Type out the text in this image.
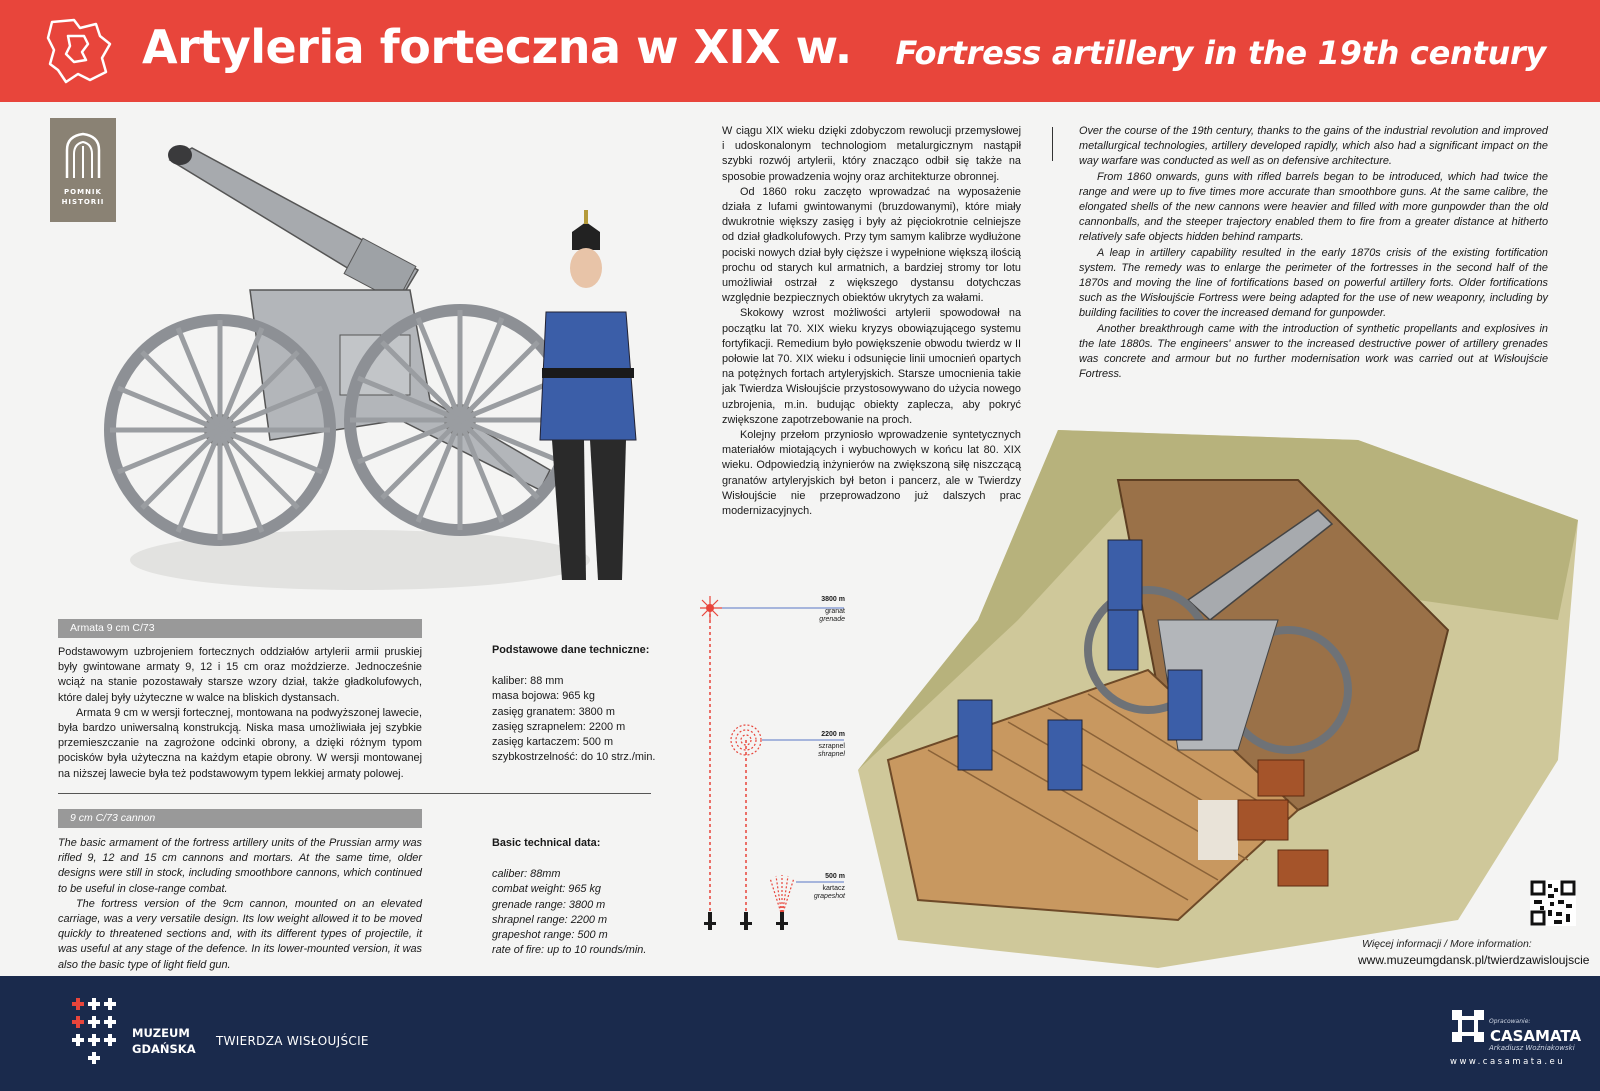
Artyleria forteczna w XIX w. Fortress artillery in the 19th century
POMNIK
HISTORII

W ciągu XIX wieku dzięki zdobyczom rewolucji przemysłowej i udoskonalonym technologiom metalurgicznym nastąpił szybki rozwój artylerii, który znacząco odbił się także na sposobie prowadzenia wojny oraz architekturze obronnej.

Od 1860 roku zaczęto wprowadzać na wyposażenie działa z lufami gwintowanymi (bruzdowanymi), które miały dwukrotnie większy zasięg i były aż pięciokrotnie celniejsze od dział gładkolufowych. Przy tym samym kalibrze wydłużone pociski nowych dział były cięższe i wypełnione większą ilością prochu od starych kul armatnich, a bardziej stromy tor lotu umożliwiał ostrzał z większego dystansu dotychczas względnie bezpiecznych obiektów ukrytych za wałami.

Skokowy wzrost możliwości artylerii spowodował na początku lat 70. XIX wieku kryzys obowiązującego systemu fortyfikacji. Remedium było powiększenie obwodu twierdz w II połowie lat 70. XIX wieku i odsunięcie linii umocnień opartych na potężnych fortach artyleryjskich. Starsze umocnienia takie jak Twierdza Wisłoujście przystosowywano do użycia nowego uzbrojenia, m.in. budując obiekty zaplecza, aby pokryć zwiększone zapotrzebowanie na proch.

Kolejny przełom przyniosło wprowadzenie syntetycznych materiałów miotających i wybuchowych w końcu lat 80. XIX wieku. Odpowiedzią inżynierów na zwiększoną siłę niszczącą granatów artyleryjskich był beton i pancerz, ale w Twierdzy Wisłoujście nie przeprowadzono już dalszych prac modernizacyjnych.

Over the course of the 19th century, thanks to the gains of the industrial revolution and improved metallurgical technologies, artillery developed rapidly, which also had a significant impact on the way warfare was conducted as well as on defensive architecture.

From 1860 onwards, guns with rifled barrels began to be introduced, which had twice the range and were up to five times more accurate than smoothbore guns. At the same calibre, the elongated shells of the new cannons were heavier and filled with more gunpowder than the old cannonballs, and the steeper trajectory enabled them to fire from a greater distance at hitherto relatively safe objects hidden behind ramparts.

A leap in artillery capability resulted in the early 1870s crisis of the existing fortification system. The remedy was to enlarge the perimeter of the fortresses in the second half of the 1870s and moving the line of fortifications based on powerful artillery forts. Older fortifications such as the Wisłoujście Fortress were being adapted for the use of new weaponry, including by building facilities to cover the increased demand for gunpowder.

Another breakthrough came with the introduction of synthetic propellants and explosives in the late 1880s. The engineers' answer to the increased destructive power of artillery grenades was concrete and armour but no further modernisation work was carried out at Wisłoujście Fortress.

Armata 9 cm C/73

Podstawowym uzbrojeniem fortecznych oddziałów artylerii armii pruskiej były gwintowane armaty 9, 12 i 15 cm oraz moździerze. Jednocześnie wciąż na stanie pozostawały starsze wzory dział, także gładkolufowych, które dalej były użyteczne w walce na bliskich dystansach.

Armata 9 cm w wersji fortecznej, montowana na podwyższonej lawecie, była bardzo uniwersalną konstrukcją. Niska masa umożliwiała jej szybkie przemieszczanie na zagrożone odcinki obrony, a dzięki różnym typom pocisków była użyteczna na każdym etapie obrony. W wersji montowanej na niższej lawecie była też podstawowym typem lekkiej armaty polowej.

9 cm C/73 cannon

The basic armament of the fortress artillery units of the Prussian army was rifled 9, 12 and 15 cm cannons and mortars. At the same time, older designs were still in stock, including smoothbore cannons, which continued to be useful in close-range combat.

The fortress version of the 9cm cannon, mounted on an elevated carriage, was a very versatile design. Its low weight allowed it to be moved quickly to threatened sections and, with its different types of projectile, it was useful at any stage of the defence. In its lower-mounted version, it was also the basic type of light field gun.

Podstawowe dane techniczne:
kaliber: 88 mm
masa bojowa: 965 kg
zasięg granatem: 3800 m
zasięg szrapnelem: 2200 m
zasięg kartaczem: 500 m
szybkostrzelność: do 10 strz./min.
Basic technical data:
caliber: 88mm
combat weight: 965 kg
grenade range: 3800 m
shrapnel range: 2200 m
grapeshot range: 500 m
rate of fire: up to 10 rounds/min.
3800 m
granat
grenade
2200 m
szrapnel
shrapnel
500 m
kartacz
grapeshot
Więcej informacji / More information:
www.muzeumgdansk.pl/twierdzawisloujscie
MUZEUM
GDAŃSKA
TWIERDZA WISŁOUJŚCIE
Opracowanie:
CASAMATA
Arkadiusz Woźniakowski
www.casamata.eu
